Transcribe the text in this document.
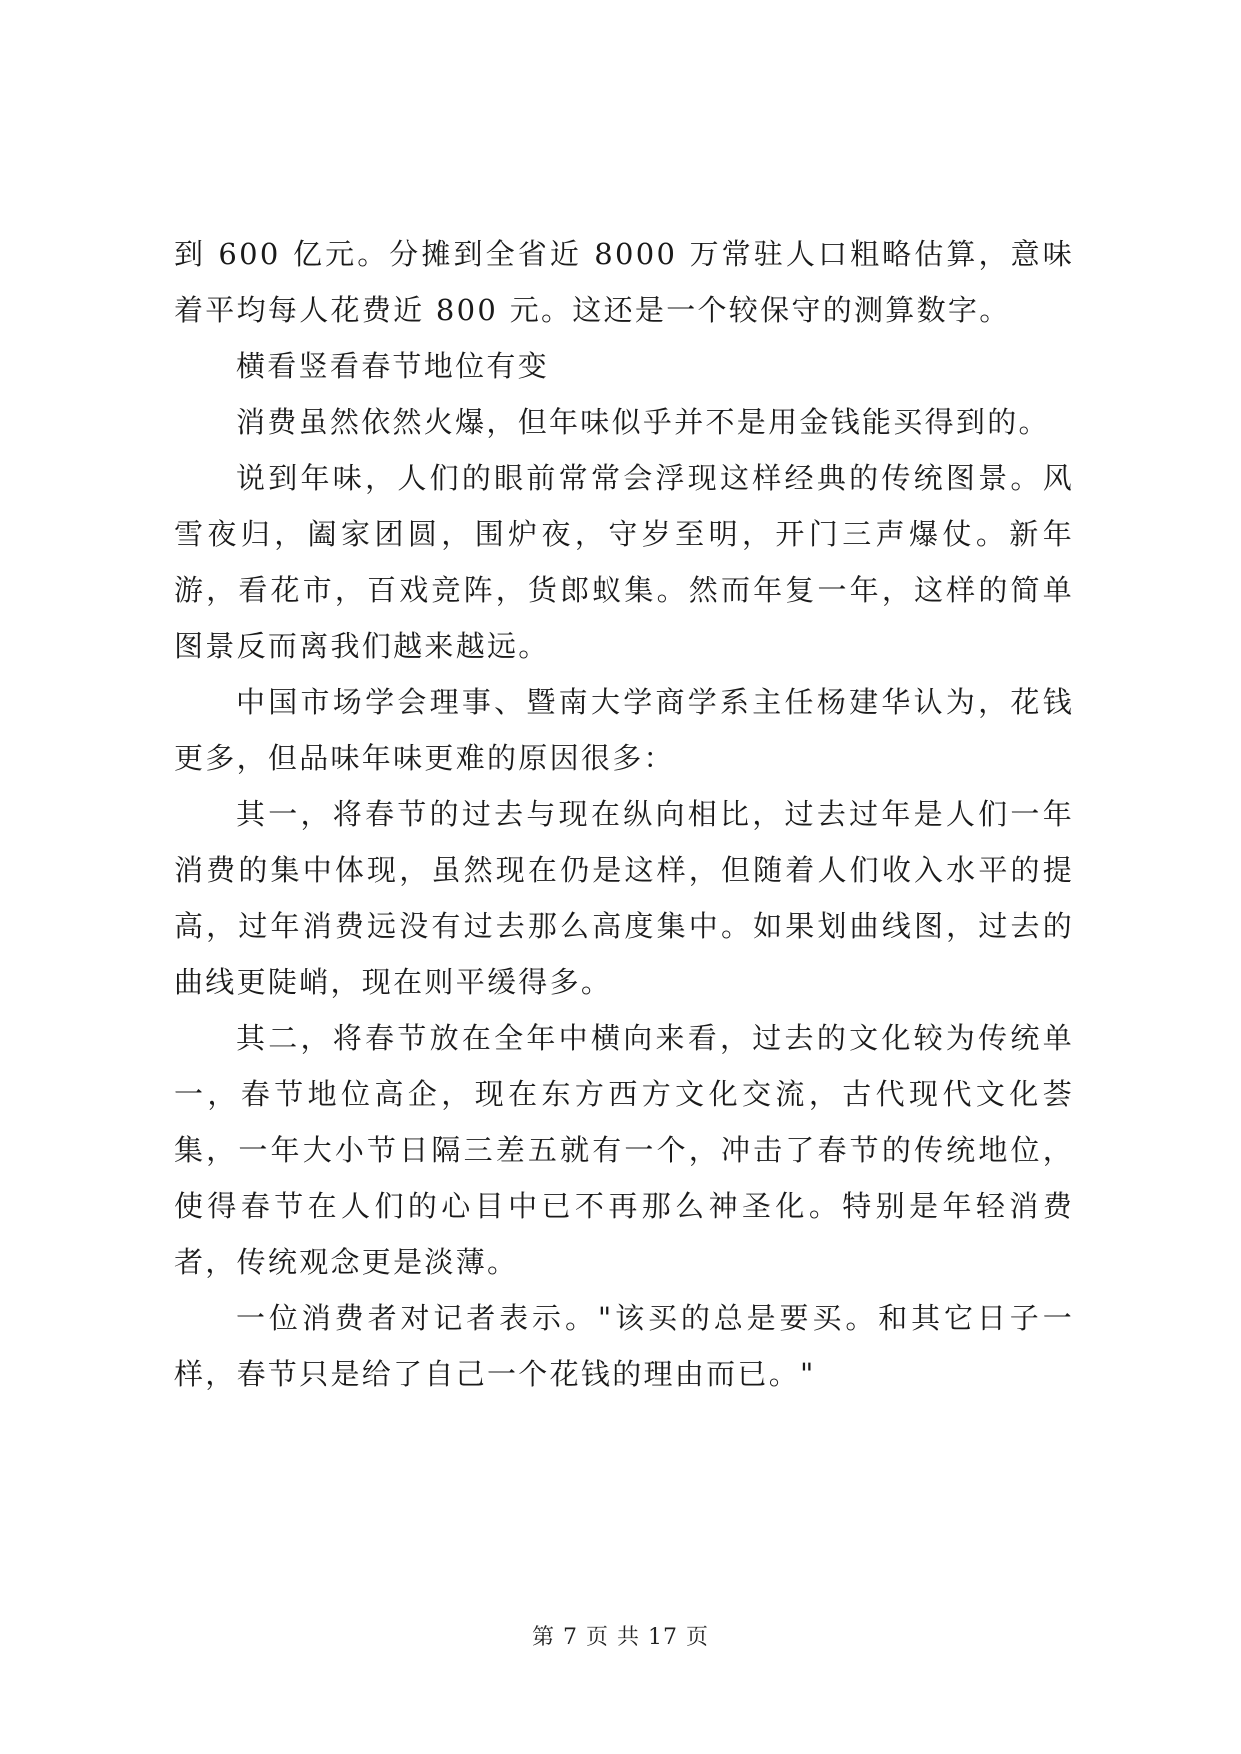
到 600 亿元。分摊到全省近 8000 万常驻人口粗略估算，意味着平均每人花费近 800 元。这还是一个较保守的测算数字。

横看竖看春节地位有变

消费虽然依然火爆，但年味似乎并不是用金钱能买得到的。

说到年味，人们的眼前常常会浮现这样经典的传统图景。风雪夜归，阖家团圆，围炉夜，守岁至明，开门三声爆仗。新年游，看花市，百戏竞阵，货郎蚁集。然而年复一年，这样的简单图景反而离我们越来越远。

中国市场学会理事、暨南大学商学系主任杨建华认为，花钱更多，但品味年味更难的原因很多：

其一，将春节的过去与现在纵向相比，过去过年是人们一年消费的集中体现，虽然现在仍是这样，但随着人们收入水平的提高，过年消费远没有过去那么高度集中。如果划曲线图，过去的曲线更陡峭，现在则平缓得多。

其二，将春节放在全年中横向来看，过去的文化较为传统单一，春节地位高企，现在东方西方文化交流，古代现代文化荟集，一年大小节日隔三差五就有一个，冲击了春节的传统地位，使得春节在人们的心目中已不再那么神圣化。特别是年轻消费者，传统观念更是淡薄。

一位消费者对记者表示。"该买的总是要买。和其它日子一样，春节只是给了自己一个花钱的理由而已。"

第 7 页 共 17 页
